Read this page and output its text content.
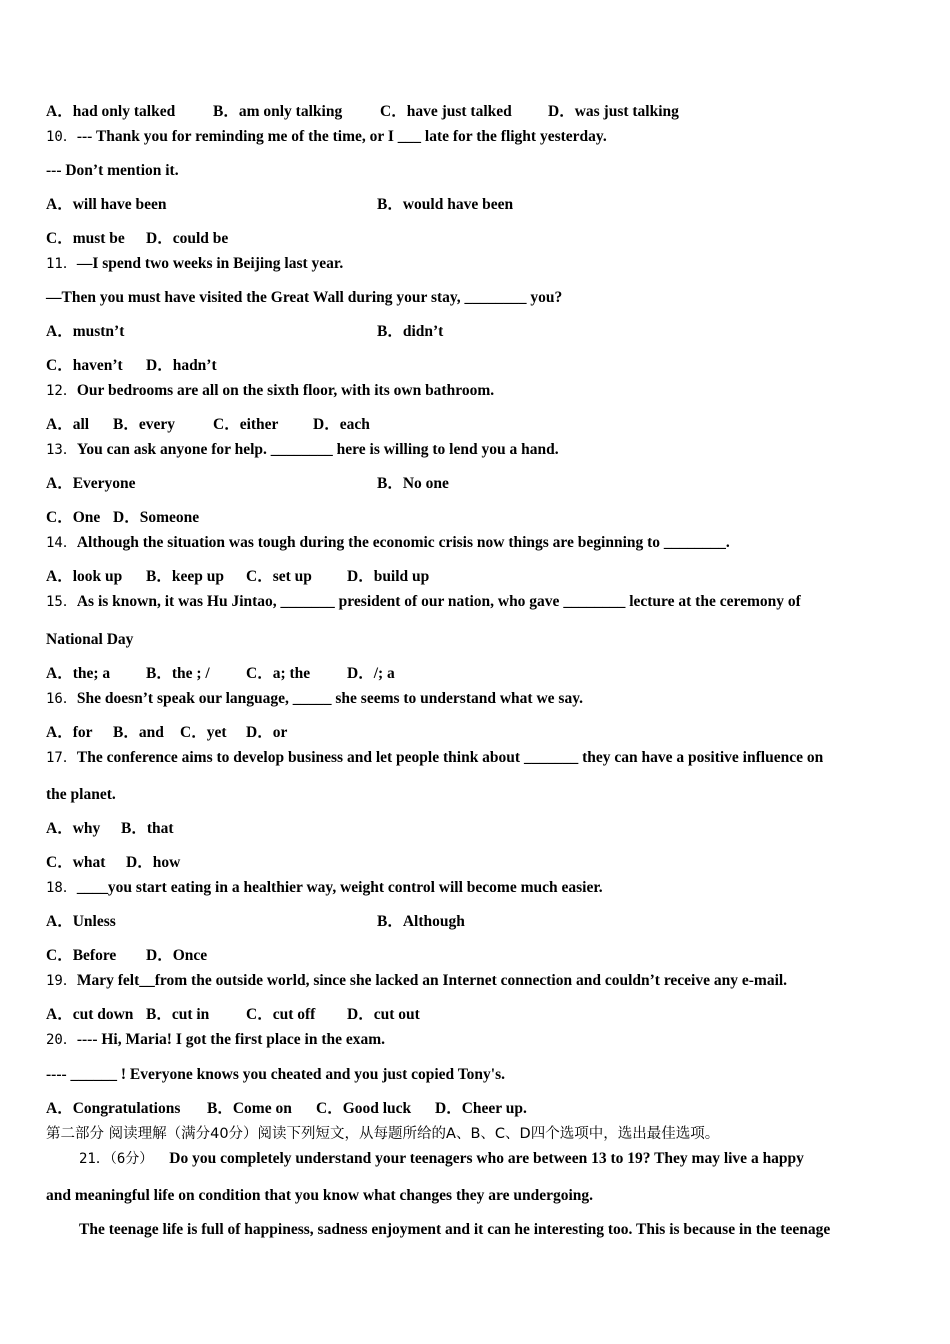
A．had only talked B．am only talking C．have just talked D．was just talking
10．--- Thank you for reminding me of the time, or I ___ late for the flight yesterday.
--- Don’t mention it.
A．will have been	B．would have been
C．must be D．could be
11．—I spend two weeks in Beijing last year.
—Then you must have visited the Great Wall during your stay, ________ you?
A．mustn’t	B．didn’t
C．haven’t D．hadn’t
12．Our bedrooms are all on the sixth floor, with its own bathroom.
A．all B．every C．either D．each
13．You can ask anyone for help. ________ here is willing to lend you a hand.
A．Everyone	B．No one
C．One D．Someone
14．Although the situation was tough during the economic crisis now things are beginning to ________.
A．look up B．keep up C．set up D．build up
15．As is known, it was Hu Jintao, _______ president of our nation, who gave ________ lecture at the ceremony of
National Day
A．the; a B．the ; / C．a; the D．/; a
16．She doesn’t speak our language, _____ she seems to understand what we say.
A．for B．and C．yet D．or
17．The conference aims to develop business and let people think about _______ they can have a positive influence on
the planet.
A．why B．that
C．what D．how
18．____you start eating in a healthier way, weight control will become much easier.
A．Unless	B．Although
C．Before D．Once
19．Mary felt__from the outside world, since she lacked an Internet connection and couldn’t receive any e-mail.
A．cut down B．cut in C．cut off D．cut out
20．---- Hi, Maria! I got the first place in the exam.
---- ______ ! Everyone knows you cheated and you just copied Tony's.
A．Congratulations B．Come on C．Good luck D．Cheer up.
第二部分 阅读理解（满分40分）阅读下列短文，从每题所给的A、B、C、D四个选项中，选出最佳选项。
21．（6分） Do you completely understand your teenagers who are between 13 to 19? They may live a happy
and meaningful life on condition that you know what changes they are undergoing.
The teenage life is full of happiness, sadness enjoyment and it can he interesting too. This is because in the teenage
